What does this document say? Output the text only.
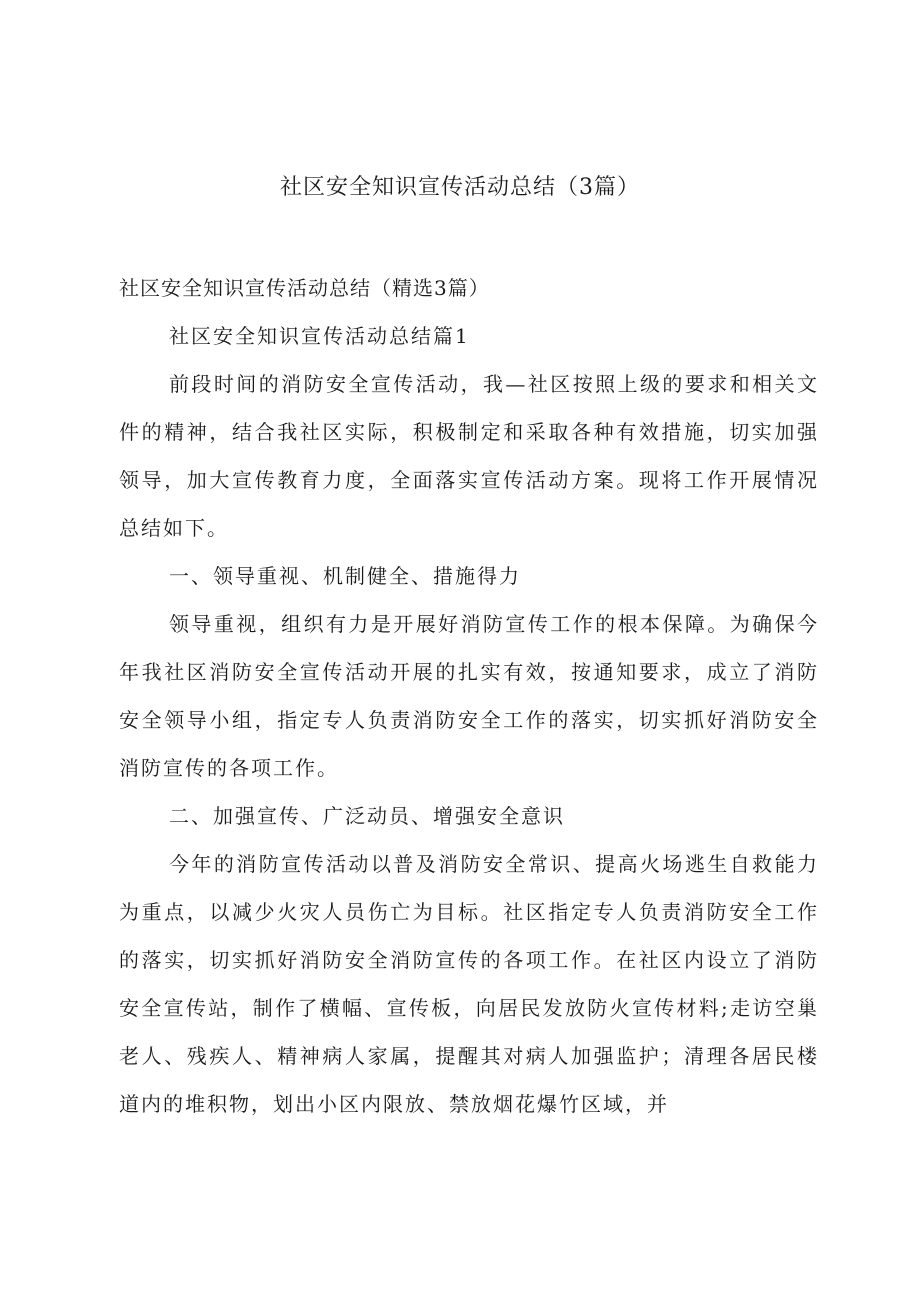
社区安全知识宣传活动总结（3篇）

社区安全知识宣传活动总结（精选3篇）

社区安全知识宣传活动总结篇1

前段时间的消防安全宣传活动，我—社区按照上级的要求和相关文件的精神，结合我社区实际，积极制定和采取各种有效措施，切实加强领导，加大宣传教育力度，全面落实宣传活动方案。现将工作开展情况总结如下。

一、领导重视、机制健全、措施得力

领导重视，组织有力是开展好消防宣传工作的根本保障。为确保今年我社区消防安全宣传活动开展的扎实有效，按通知要求，成立了消防安全领导小组，指定专人负责消防安全工作的落实，切实抓好消防安全消防宣传的各项工作。

二、加强宣传、广泛动员、增强安全意识

今年的消防宣传活动以普及消防安全常识、提高火场逃生自救能力为重点，以减少火灾人员伤亡为目标。社区指定专人负责消防安全工作的落实，切实抓好消防安全消防宣传的各项工作。在社区内设立了消防安全宣传站，制作了横幅、宣传板，向居民发放防火宣传材料;走访空巢老人、残疾人、精神病人家属，提醒其对病人加强监护；清理各居民楼道内的堆积物，划出小区内限放、禁放烟花爆竹区域，并
